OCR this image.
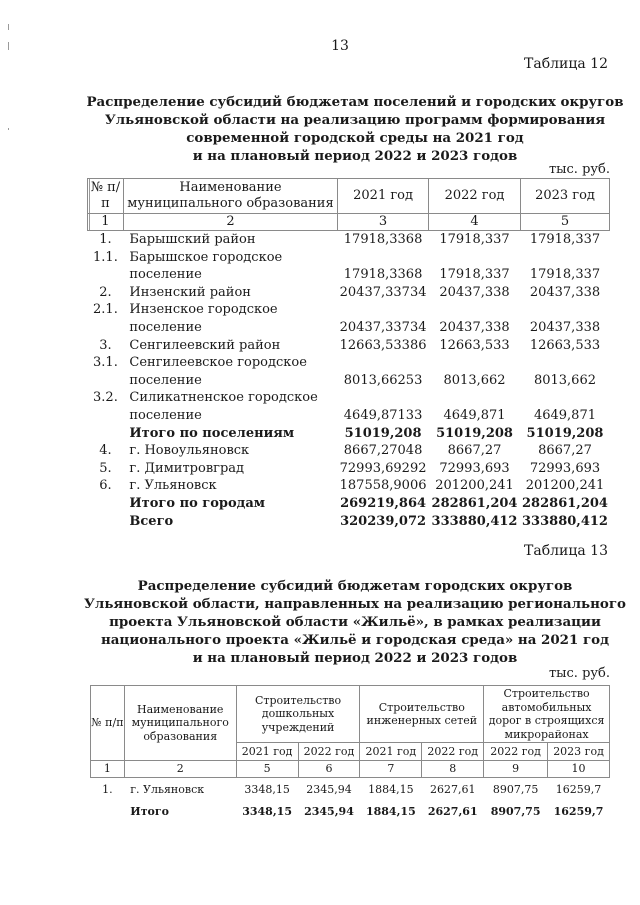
13
Таблица 12
Распределение субсидий бюджетам поселений и городских округов
Ульяновской области на реализацию программ формирования
современной городской среды на 2021 год
и на плановый период 2022 и 2023 годов
тыс. руб.
№ п/п	Наименование муниципального образования	2021 год	2022 год	2023 год
1	2	3	4	5
1.	Барышский район	17918,3368	17918,337	17918,337
1.1.	Барышское городское
поселение	17918,3368	17918,337	17918,337
2.	Инзенский район	20437,33734	20437,338	20437,338
2.1.	Инзенское городское
поселение	20437,33734	20437,338	20437,338
3.	Сенгилеевский район	12663,53386	12663,533	12663,533
3.1.	Сенгилеевское городское
поселение	8013,66253	8013,662	8013,662
3.2.	Силикатненское городское
поселение	4649,87133	4649,871	4649,871

	Итого по поселениям	51019,208	51019,208	51019,208
4.	г. Новоульяновск	8667,27048	8667,27	8667,27
5.	г. Димитровград	72993,69292	72993,693	72993,693
6.	г. Ульяновск	187558,9006	201200,241	201200,241

	Итого по городам	269219,864	282861,204	282861,204

	Всего	320239,072	333880,412	333880,412
Таблица 13
Распределение субсидий бюджетам городских округов
Ульяновской области, направленных на реализацию регионального
проекта Ульяновской области «Жильё», в рамках реализации
национального проекта «Жильё и городская среда» на 2021 год
и на плановый период 2022 и 2023 годов
тыс. руб.
№ п/п	Наименование муниципального образования	Строительство дошкольных учреждений		Строительство инженерных сетей		Строительство автомобильных дорог в строящихся микрорайонах	
		2021 год	2022 год	2021 год	2022 год	2022 год	2023 год
1	2	5	6	7	8	9	10
1.	г. Ульяновск	3348,15	2345,94	1884,15	2627,61	8907,75	16259,7
	Итого	3348,15	2345,94	1884,15	2627,61	8907,75	16259,7
